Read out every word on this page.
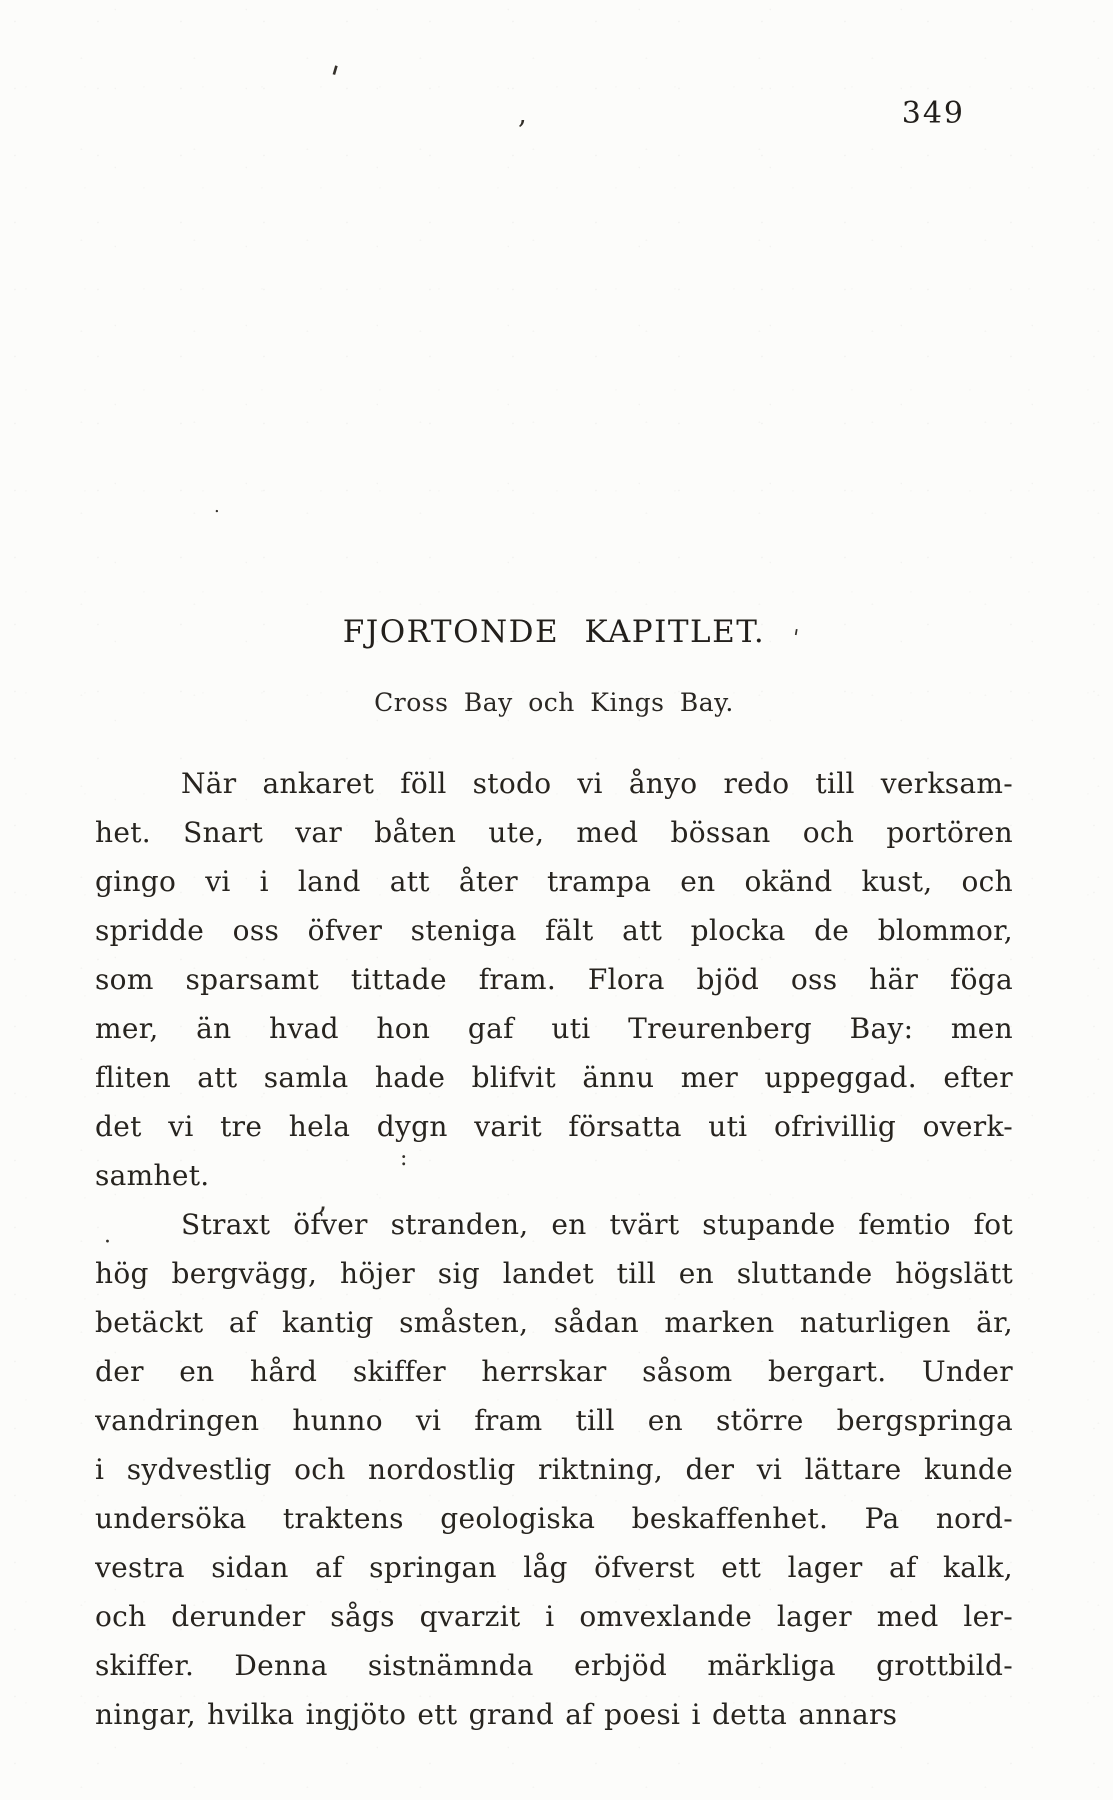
349
FJORTONDE KAPITLET.
Cross Bay och Kings Bay.
När ankaret föll stodo vi ånyo redo till verksam-
het. Snart var båten ute, med bössan och portören
gingo vi i land att åter trampa en okänd kust, och
spridde oss öfver steniga fält att plocka de blommor,
som sparsamt tittade fram. Flora bjöd oss här föga
mer, än hvad hon gaf uti Treurenberg Bay: men
fliten att samla hade blifvit ännu mer uppeggad. efter
det vi tre hela dygn varit försatta uti ofrivillig overk-
samhet.
Straxt öfver stranden, en tvärt stupande femtio fot
hög bergvägg, höjer sig landet till en sluttande högslätt
betäckt af kantig småsten, sådan marken naturligen är,
der en hård skiffer herrskar såsom bergart. Under
vandringen hunno vi fram till en större bergspringa
i sydvestlig och nordostlig riktning, der vi lättare kunde
undersöka traktens geologiska beskaffenhet. Pa nord-
vestra sidan af springan låg öfverst ett lager af kalk,
och derunder sågs qvarzit i omvexlande lager med ler-
skiffer. Denna sistnämnda erbjöd märkliga grottbild-
ningar, hvilka ingjöto ett grand af poesi i detta annars
'
,
.
'
:
,
·
